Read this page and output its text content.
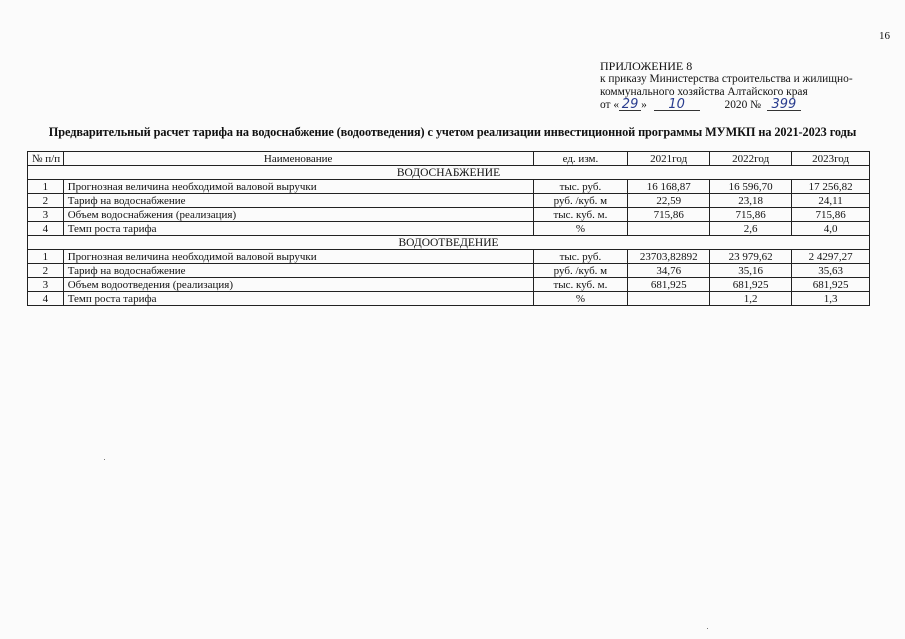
16
ПРИЛОЖЕНИЕ 8
к приказу Министерства строительства и жилищно-
коммунального хозяйства Алтайского края
от « 29 » 10	2020 № 399
Предварительный расчет тарифа на водоснабжение (водоотведения) с учетом реализации инвестиционной программы МУМКП на 2021-2023 годы
№ п/п	Наименование	ед. изм.	2021год	2022год	2023год
ВОДОСНАБЖЕНИЕ					
1	Прогнозная величина необходимой валовой выручки	тыс. руб.	16 168,87	16 596,70	17 256,82
2	Тариф на водоснабжение	руб. /куб. м	22,59	23,18	24,11
3	Объем водоснабжения (реализация)	тыс. куб. м.	715,86	715,86	715,86
4	Темп роста тарифа	%		2,6	4,0
ВОДООТВЕДЕНИЕ					
1	Прогнозная величина необходимой валовой выручки	тыс. руб.	23703,82892	23 979,62	2 4297,27
2	Тариф на водоснабжение	руб. /куб. м	34,76	35,16	35,63
3	Объем водоотведения (реализация)	тыс. куб. м.	681,925	681,925	681,925
4	Темп роста тарифа	%		1,2	1,3
